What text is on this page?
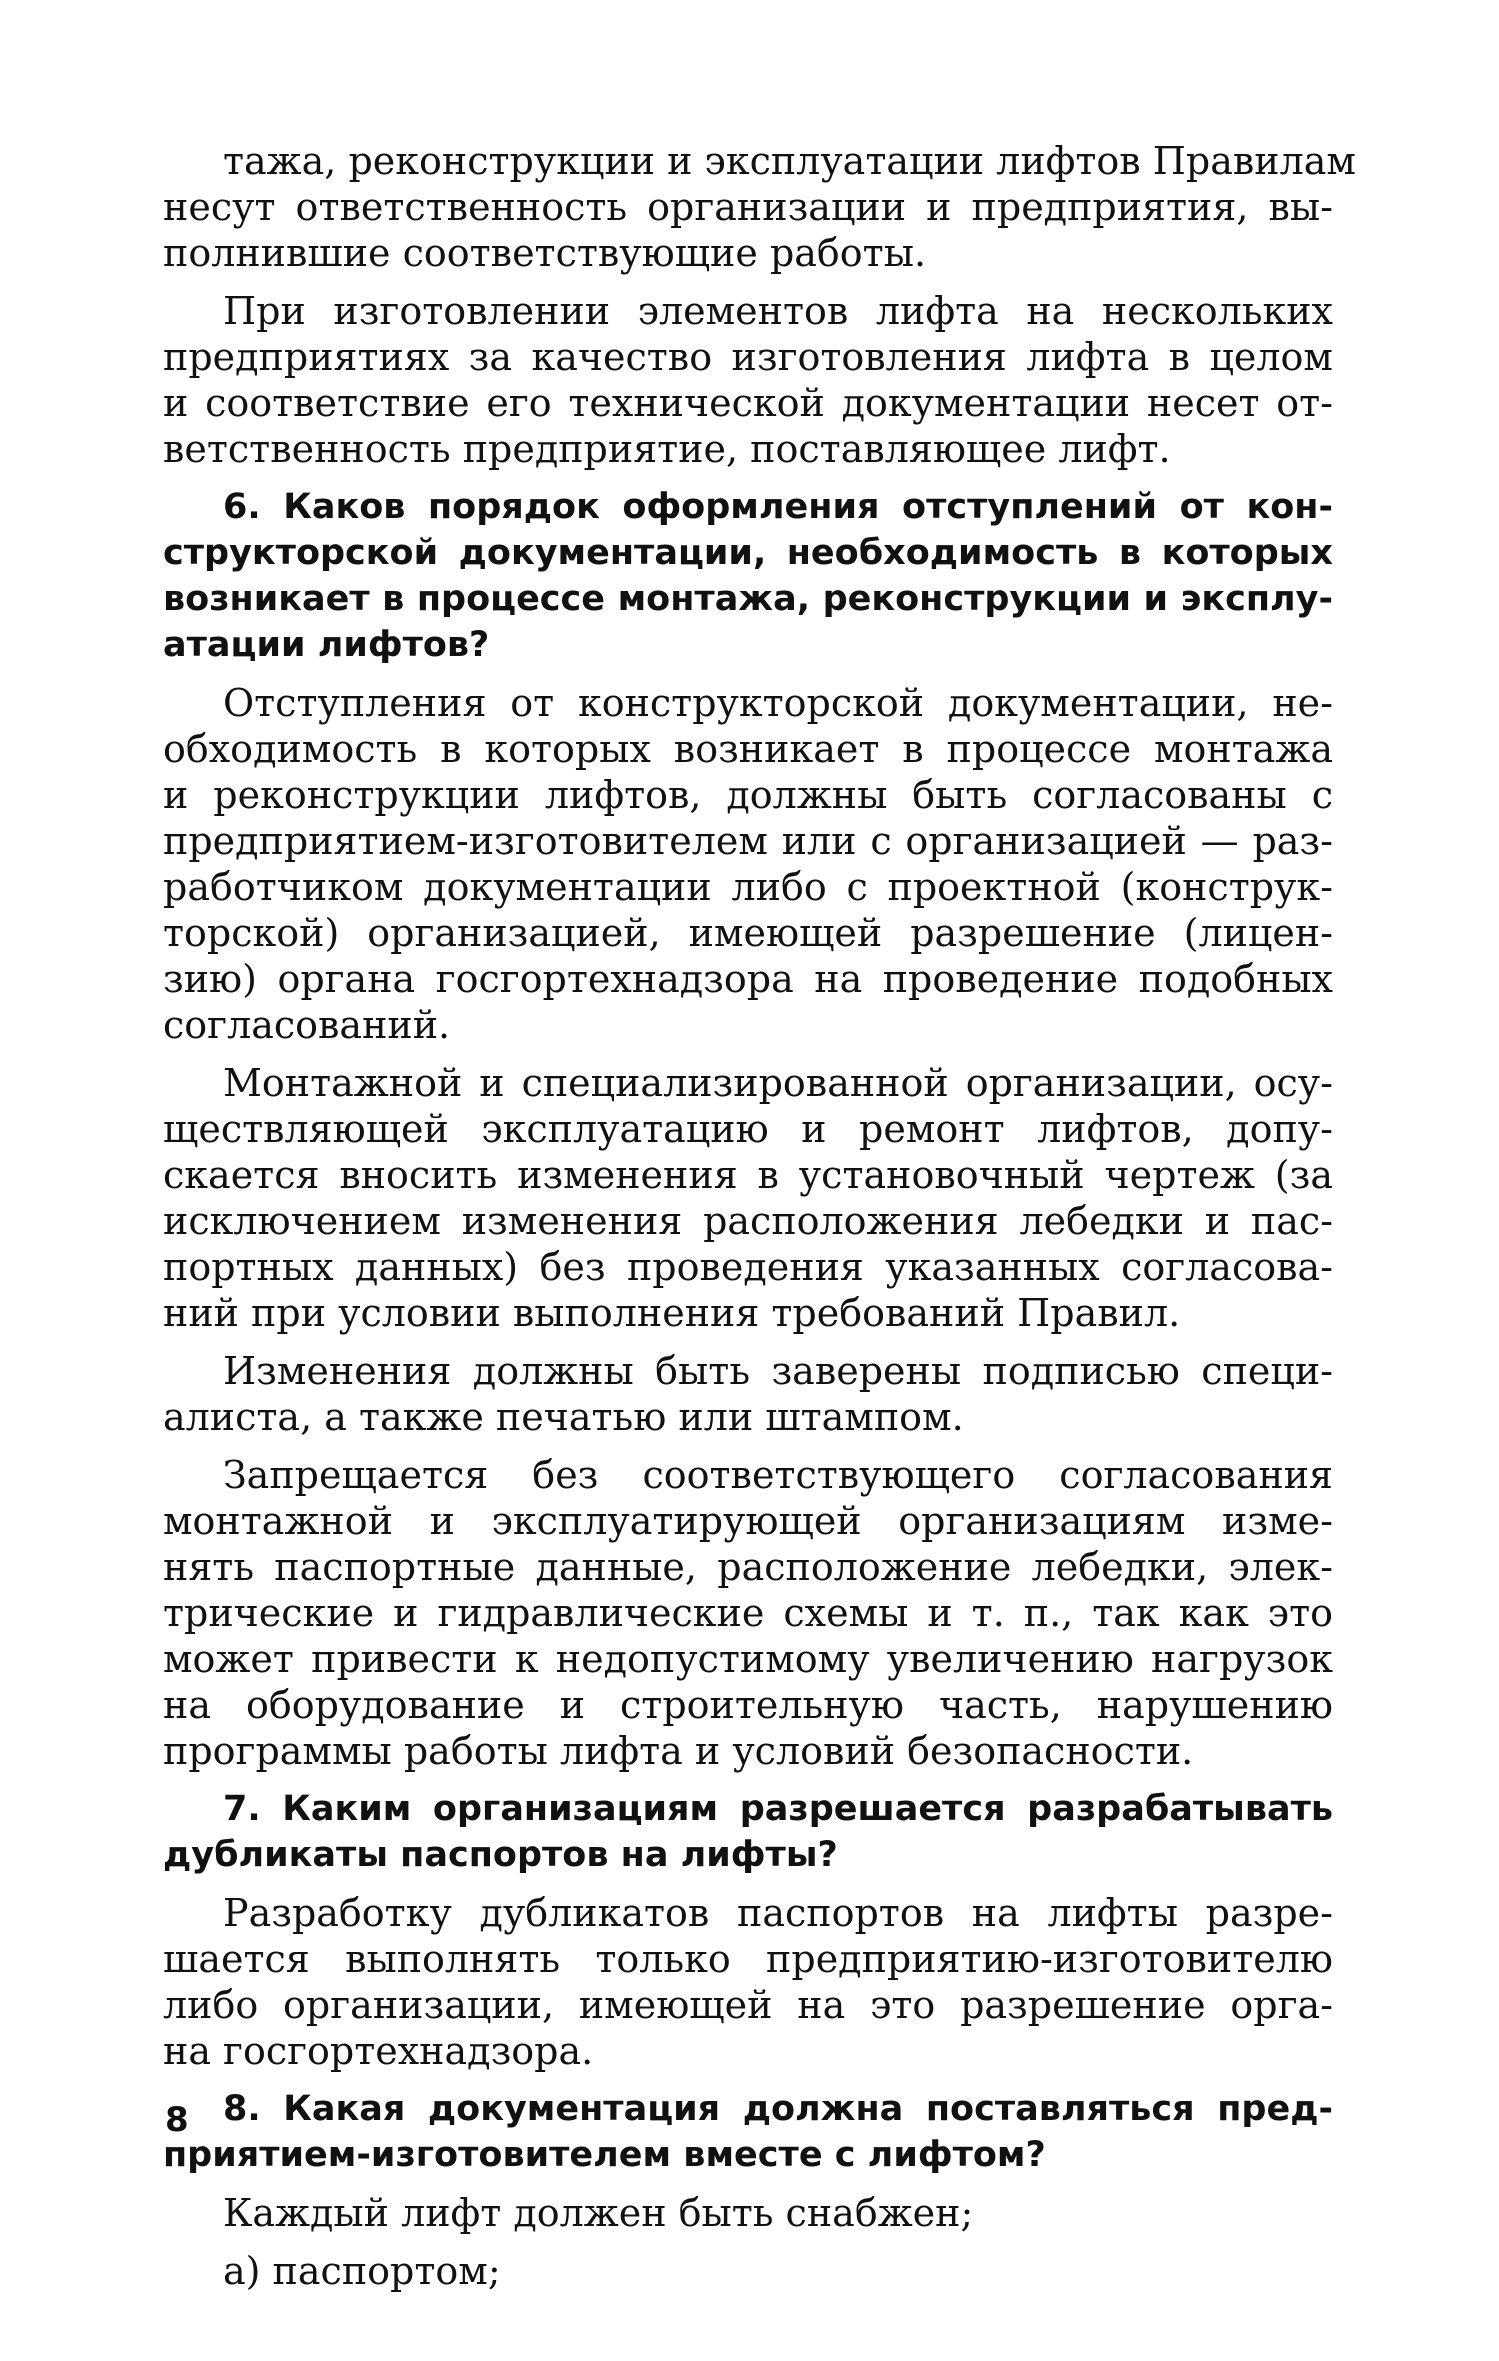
тажа, реконструкции и эксплуатации лифтов Правилам
несут ответственность организации и предприятия, вы-
полнившие соответствующие работы.
При изготовлении элементов лифта на нескольких
предприятиях за качество изготовления лифта в целом
и соответствие его технической документации несет от-
ветственность предприятие, поставляющее лифт.
6. Каков порядок оформления отступлений от кон-
структорской документации, необходимость в которых
возникает в процессе монтажа, реконструкции и эксплу-
атации лифтов?
Отступления от конструкторской документации, не-
обходимость в которых возникает в процессе монтажа
и реконструкции лифтов, должны быть согласованы с
предприятием-изготовителем или с организацией — раз-
работчиком документации либо с проектной (конструк-
торской) организацией, имеющей разрешение (лицен-
зию) органа госгортехнадзора на проведение подобных
согласований.
Монтажной и специализированной организации, осу-
ществляющей эксплуатацию и ремонт лифтов, допу-
скается вносить изменения в установочный чертеж (за
исключением изменения расположения лебедки и пас-
портных данных) без проведения указанных согласова-
ний при условии выполнения требований Правил.
Изменения должны быть заверены подписью специ-
алиста, а также печатью или штампом.
Запрещается без соответствующего согласования
монтажной и эксплуатирующей организациям изме-
нять паспортные данные, расположение лебедки, элек-
трические и гидравлические схемы и т. п., так как это
может привести к недопустимому увеличению нагрузок
на оборудование и строительную часть, нарушению
программы работы лифта и условий безопасности.
7. Каким организациям разрешается разрабатывать
дубликаты паспортов на лифты?
Разработку дубликатов паспортов на лифты разре-
шается выполнять только предприятию-изготовителю
либо организации, имеющей на это разрешение орга-
на госгортехнадзора.
8. Какая документация должна поставляться пред-
приятием-изготовителем вместе с лифтом?
Каждый лифт должен быть снабжен;
а) паспортом;
8
